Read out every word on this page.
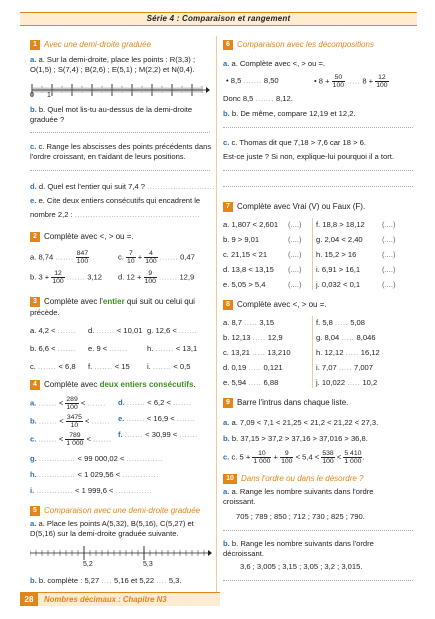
Série 4 : Comparaison et rangement
1 Avec une demi-droite graduée
a. a. Sur la demi-droite, place les points : R(3,3) ;
O(1,5) ; S(7,4) ; B(2,6) ; E(5,1) ; M(2,2) et N(0,4).
0 1
b. b. Quel mot lis-tu au-dessus de la demi-droite
graduée ?
c. c. Range les abscisses des points précédents dans
l'ordre croissant, en t'aidant de leurs positions.
d. d. Quel est l'entier qui suit 7,4 ? ..........................
e. e. Cite deux entiers consécutifs qui encadrent le
nombre 2,2 : ................................................
2 Complète avec <, > ou =.
a. 8,74 ....... $\frac{847}{100}$	c. $\frac{7}{10} + \frac{4}{100}$ ....... 0,47
b. $3 + \frac{12}{100}$ ....... 3,12 d. $12 + \frac{9}{100}$ ....... 12,9
3 Complète avec l'entier qui suit ou celui qui
précède.
a. 4,2 < ....... d. ....... < 10,01 g. 12,6 < .......
b. 6,6 < ....... e. 9 < .......	h. ....... < 13,1
c. ....... < 6,8 f. ....... < 15 i. ....... < 0,5
4 Complète avec deux entiers consécutifs.
a. ....... < $\frac{289}{100}$ < .......
b. ....... < $\frac{3475}{10}$ < .......
c. ....... < $\frac{789}{1 000}$ < .......
d. ....... < 6,2 < .......
e. ....... < 16,9 < .......
f. ....... < 30,99 < .......
g. .............. < 99 000,02 < ..............
h. .............. < 1 029,56 < ..............
i. .............. < 1 999,6 < ..............
5 Comparaison avec une demi-droite graduée
a. a. Place les points A(5,32), B(5,16), C(5,27) et
D(5,16) sur la demi-droite graduée suivante.
5,2	5,3
b. b. complète : 5,27 .... 5,16 et 5,22 .... 5,3.
6 Comparaison avec les décompositions
a. a. Complète avec <, > ou =.
• 8,5 ....... 8,50	• $8 + \frac{50}{100}$ ..... $8 + \frac{12}{100}$
Donc 8,5 ....... 8,12.
b. b. De même, compare 12,19 et 12,2.
c. c. Thomas dit que 7,18 > 7,6 car 18 > 6.
Est-ce juste ? Si non, explique-lui pourquoi il a tort.
7 Complète avec Vrai (V) ou Faux (F).
a. 1,807 < 2,601 (....) f. 18,8 > 18,12 (....)
b. 9 > 9,01	(....) g. 2,04 < 2,40	(....)
c. 21,15 < 21	(....) h. 15,2 > 16	(....)
d. 13,8 < 13,15 (....) i. 6,91 > 16,1	(....)
e. 5,05 > 5,4	(....) j. 0,032 < 0,1	(....)
8 Complète avec <, > ou =.
a. 8,7 ..... 3,15	f. 5,8 ..... 5,08
b. 12,13 ..... 12,9	g. 8,04 ..... 8,046
c. 13,21 ..... 13,210	h. 12,12 ..... 16,12
d. 0,19 ..... 0,121	i. 7,07 ..... 7,007
e. 5,94 ..... 6,88	j. 10,022 ..... 10,2
9 Barre l'intrus dans chaque liste.
a. a. 7,09 < 7,1 < 21,25 < 21,2 < 21,22 < 27,3.
b. b. 37,15 > 37,2 > 37,16 > 37,016 > 36,8.
c. c. $5 + \frac{10}{1 000} + \frac{9}{100} < 5,4 < \frac{538}{100} < \frac{5 410}{1 000}$ .
10 Dans l'ordre ou dans le désordre ?
a. a. Range les nombre suivants dans l'ordre
croissant.
705 ; 789 ; 850 ; 712 ; 730 ; 825 ; 790.
b. b. Range les nombre suivants dans l'ordre
décroissant.
3,6 ; 3,005 ; 3,15 ; 3,05 ; 3,2 ; 3,015.
28	Nombres décimaux : Chapitre N3
